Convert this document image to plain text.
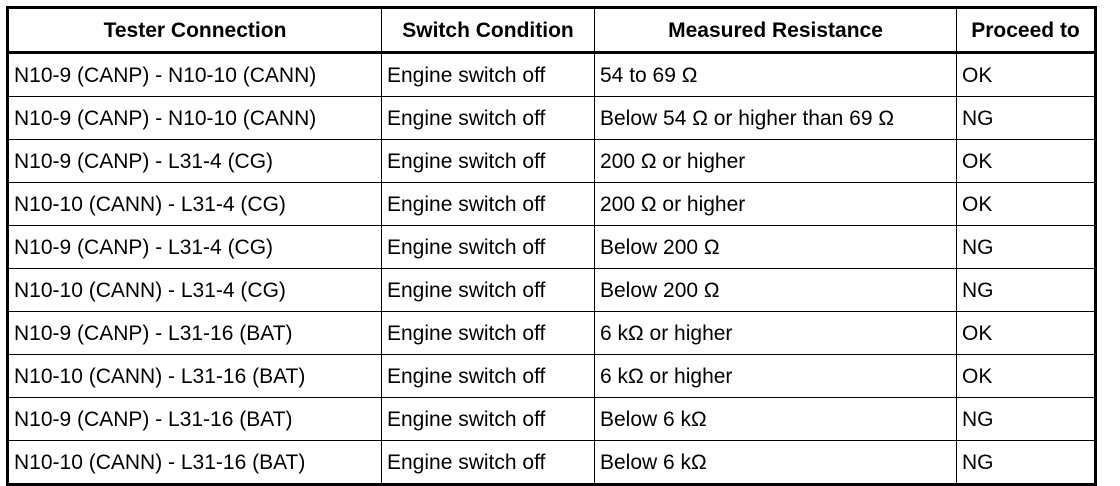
Tester Connection	Switch Condition	Measured Resistance	Proceed to
N10-9 (CANP) - N10-10 (CANN)	Engine switch off	54 to 69 Ω	OK
N10-9 (CANP) - N10-10 (CANN)	Engine switch off	Below 54 Ω or higher than 69 Ω	NG
N10-9 (CANP) - L31-4 (CG)	Engine switch off	200 Ω or higher	OK
N10-10 (CANN) - L31-4 (CG)	Engine switch off	200 Ω or higher	OK
N10-9 (CANP) - L31-4 (CG)	Engine switch off	Below 200 Ω	NG
N10-10 (CANN) - L31-4 (CG)	Engine switch off	Below 200 Ω	NG
N10-9 (CANP) - L31-16 (BAT)	Engine switch off	6 kΩ or higher	OK
N10-10 (CANN) - L31-16 (BAT)	Engine switch off	6 kΩ or higher	OK
N10-9 (CANP) - L31-16 (BAT)	Engine switch off	Below 6 kΩ	NG
N10-10 (CANN) - L31-16 (BAT)	Engine switch off	Below 6 kΩ	NG
